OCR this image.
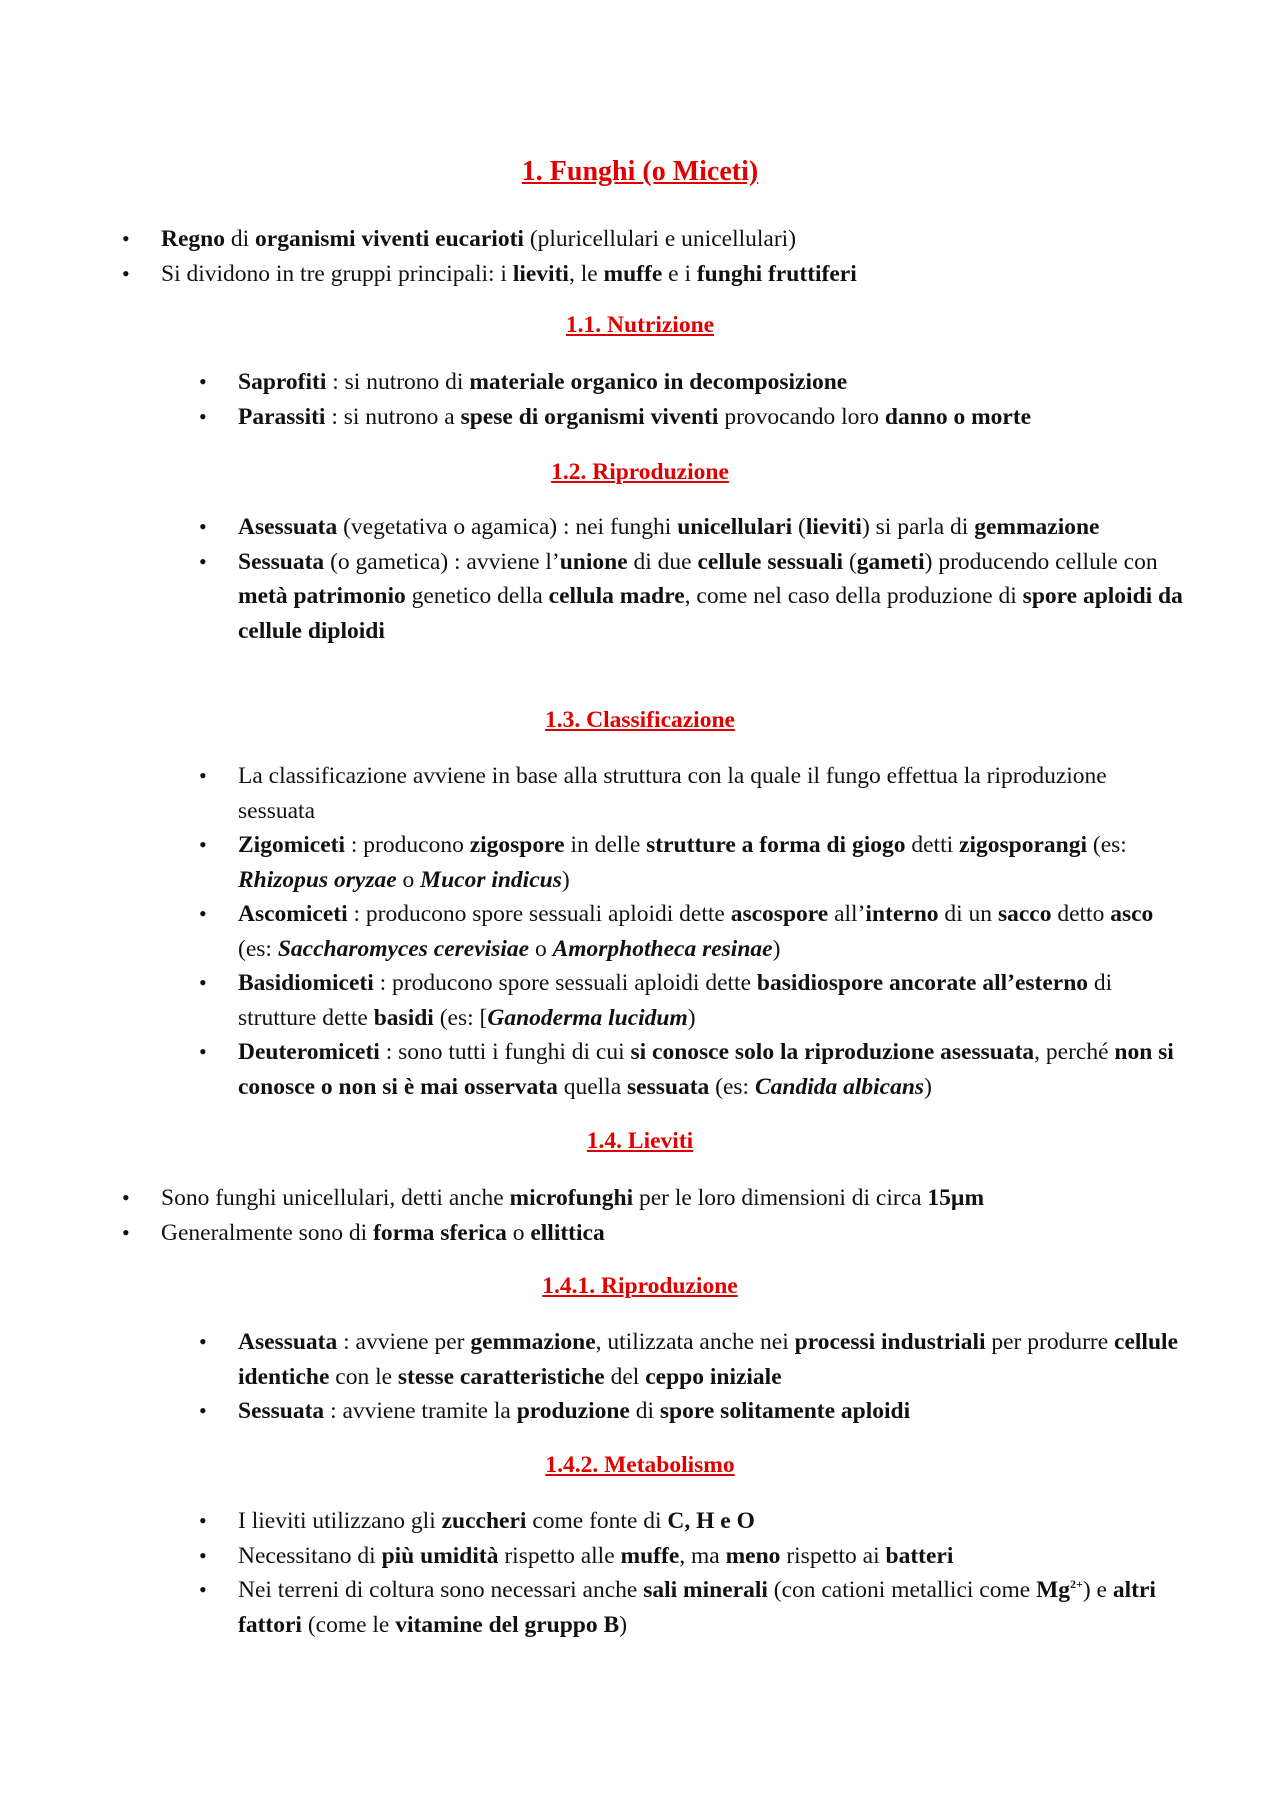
1. Funghi (o Miceti)
• Regno di organismi viventi eucarioti (pluricellulari e unicellulari)
• Si dividono in tre gruppi principali: i lieviti, le muffe e i funghi fruttiferi
1.1. Nutrizione
• Saprofiti : si nutrono di materiale organico in decomposizione
• Parassiti : si nutrono a spese di organismi viventi provocando loro danno o morte
1.2. Riproduzione
• Asessuata (vegetativa o agamica) : nei funghi unicellulari (lieviti) si parla di gemmazione
• Sessuata (o gametica) : avviene l’unione di due cellule sessuali (gameti) producendo cellule con metà patrimonio genetico della cellula madre, come nel caso della produzione di spore aploidi da cellule diploidi
1.3. Classificazione
• La classificazione avviene in base alla struttura con la quale il fungo effettua la riproduzione sessuata
• Zigomiceti : producono zigospore in delle strutture a forma di giogo detti zigosporangi (es: Rhizopus oryzae o Mucor indicus)
• Ascomiceti : producono spore sessuali aploidi dette ascospore all’interno di un sacco detto asco (es: Saccharomyces cerevisiae o Amorphotheca resinae)
• Basidiomiceti : producono spore sessuali aploidi dette basidiospore ancorate all’esterno di strutture dette basidi (es: [Ganoderma lucidum)
• Deuteromiceti : sono tutti i funghi di cui si conosce solo la riproduzione asessuata, perché non si conosce o non si è mai osservata quella sessuata (es: Candida albicans)
1.4. Lieviti
• Sono funghi unicellulari, detti anche microfunghi per le loro dimensioni di circa 15µm
• Generalmente sono di forma sferica o ellittica
1.4.1. Riproduzione
• Asessuata : avviene per gemmazione, utilizzata anche nei processi industriali per produrre cellule identiche con le stesse caratteristiche del ceppo iniziale
• Sessuata : avviene tramite la produzione di spore solitamente aploidi
1.4.2. Metabolismo
• I lieviti utilizzano gli zuccheri come fonte di C, H e O
• Necessitano di più umidità rispetto alle muffe, ma meno rispetto ai batteri
• Nei terreni di coltura sono necessari anche sali minerali (con cationi metallici come $Mg^{2+}$) e altri fattori (come le vitamine del gruppo B)
